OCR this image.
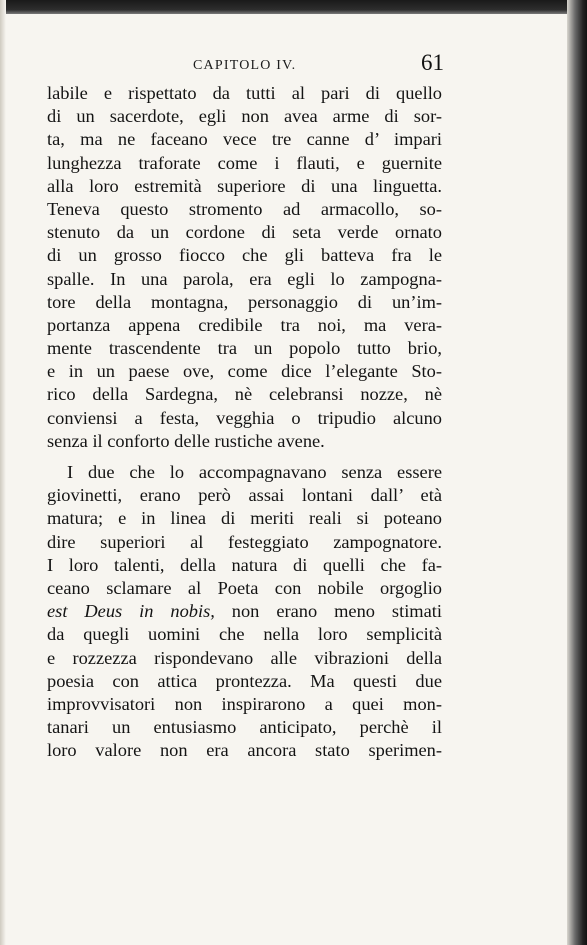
CAPITOLO IV.	61
labile e rispettato da tutti al pari di quello
di un sacerdote, egli non avea arme di sor-
ta, ma ne faceano vece tre canne d’ impari
lunghezza traforate come i flauti, e guernite
alla loro estremità superiore di una linguetta.
Teneva questo stromento ad armacollo, so-
stenuto da un cordone di seta verde ornato
di un grosso fiocco che gli batteva fra le
spalle. In una parola, era egli lo zampogna-
tore della montagna, personaggio di un’im-
portanza appena credibile tra noi, ma vera-
mente trascendente tra un popolo tutto brio,
e in un paese ove, come dice l’elegante Sto-
rico della Sardegna, nè celebransi nozze, nè
conviensi a festa, vegghia o tripudio alcuno
senza il conforto delle rustiche avene.
I due che lo accompagnavano senza essere
giovinetti, erano però assai lontani dall’ età
matura; e in linea di meriti reali si poteano
dire superiori al festeggiato zampognatore.
I loro talenti, della natura di quelli che fa-
ceano sclamare al Poeta con nobile orgoglio
est Deus in nobis, non erano meno stimati
da quegli uomini che nella loro semplicità
e rozzezza rispondevano alle vibrazioni della
poesia con attica prontezza. Ma questi due
improvvisatori non inspirarono a quei mon-
tanari un entusiasmo anticipato, perchè il
loro valore non era ancora stato sperimen-
